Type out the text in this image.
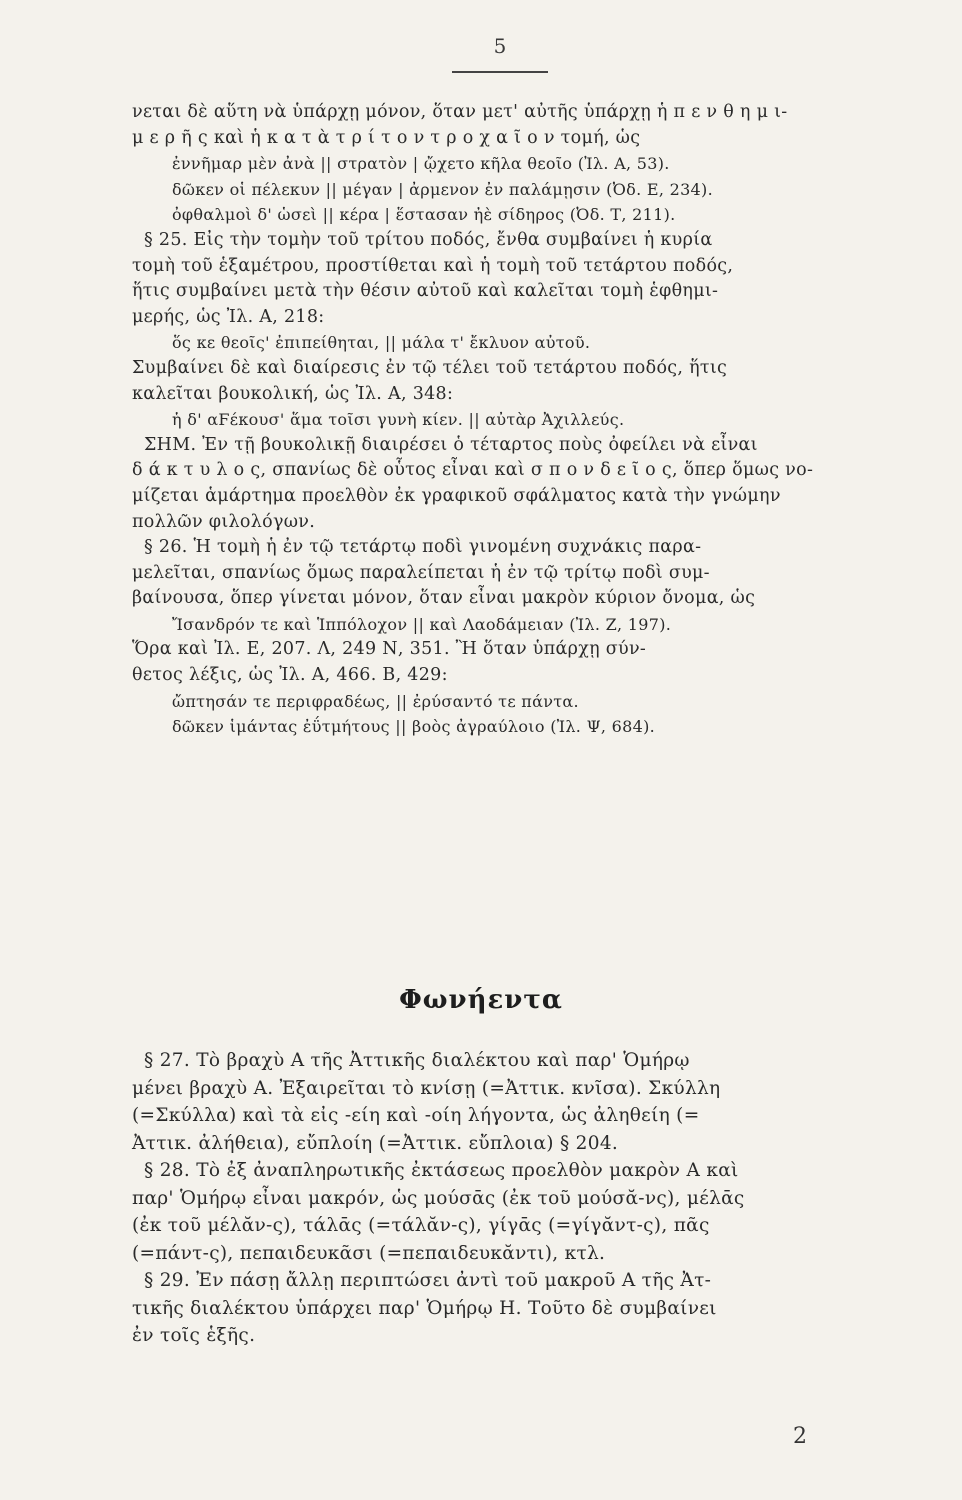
5
νεται δὲ αὕτη νὰ ὑπάρχῃ μόνον, ὅταν μετ' αὐτῆς ὑπάρχῃ ἡ π ε ν θ η μ ι-
μ ε ρ ῆ ς καὶ ἡ κ α τ ὰ τ ρ ί τ ο ν τ ρ ο χ α ῖ ο ν τομή, ὡς
ἐννῆμαρ μὲν ἀνὰ || στρατὸν | ᾤχετο κῆλα θεοῖο (Ἰλ. Α, 53).
δῶκεν οἱ πέλεκυν || μέγαν | ἀρμενον ἐν παλάμῃσιν (Ὀδ. Ε, 234).
ὀφθαλμοὶ δ' ὡσεὶ || κέρα | ἕστασαν ἠὲ σίδηρος (Ὀδ. Τ, 211).
§ 25. Εἰς τὴν τομὴν τοῦ τρίτου ποδός, ἔνθα συμβαίνει ἡ κυρία
τομὴ τοῦ ἑξαμέτρου, προστίθεται καὶ ἡ τομὴ τοῦ τετάρτου ποδός,
ἥτις συμβαίνει μετὰ τὴν θέσιν αὐτοῦ καὶ καλεῖται τομὴ ἑφθημι-
μερής, ὡς Ἰλ. Α, 218:
ὅς κε θεοῖς' ἐπιπείθηται, || μάλα τ' ἔκλυον αὐτοῦ.
Συμβαίνει δὲ καὶ διαίρεσις ἐν τῷ τέλει τοῦ τετάρτου ποδός, ἥτις
καλεῖται βουκολική, ὡς Ἰλ. Α, 348:
ἡ δ' αϜέκουσ' ἅμα τοῖσι γυνὴ κίεν. || αὐτὰρ Ἀχιλλεύς.
ΣΗΜ. Ἐν τῇ βουκολικῇ διαιρέσει ὁ τέταρτος ποὺς ὀφείλει νὰ εἶναι
δ ά κ τ υ λ ο ς, σπανίως δὲ οὗτος εἶναι καὶ σ π ο ν δ ε ῖ ο ς, ὅπερ ὅμως νο-
μίζεται ἁμάρτημα προελθὸν ἐκ γραφικοῦ σφάλματος κατὰ τὴν γνώμην
πολλῶν φιλολόγων.
§ 26. Ἡ τομὴ ἡ ἐν τῷ τετάρτῳ ποδὶ γινομένη συχνάκις παρα-
μελεῖται, σπανίως ὅμως παραλείπεται ἡ ἐν τῷ τρίτῳ ποδὶ συμ-
βαίνουσα, ὅπερ γίνεται μόνον, ὅταν εἶναι μακρὸν κύριον ὄνομα, ὡς
Ἴσανδρόν τε καὶ Ἱππόλοχον || καὶ Λαοδάμειαν (Ἰλ. Ζ, 197).
Ὅρα καὶ Ἰλ. Ε, 207. Λ, 249 Ν, 351. Ἢ ὅταν ὑπάρχῃ σύν-
θετος λέξις, ὡς Ἰλ. Α, 466. Β, 429:
ὤπτησάν τε περιφραδέως, || ἐρύσαντό τε πάντα.
δῶκεν ἱμάντας ἐΰτμήτους || βοὸς ἀγραύλοιο (Ἰλ. Ψ, 684).
Φωνήεντα
§ 27. Τὸ βραχὺ Α τῆς Ἀττικῆς διαλέκτου καὶ παρ' Ὁμήρῳ
μένει βραχὺ Α. Ἐξαιρεῖται τὸ κνίσῃ (=Ἀττικ. κνῖσα). Σκύλλη
(=Σκύλλα) καὶ τὰ εἰς -είη καὶ -οίη λήγοντα, ὡς ἀληθείη (=
Ἀττικ. ἀλήθεια), εὔπλοίη (=Ἀττικ. εὔπλοια) § 204.
§ 28. Τὸ ἐξ ἀναπληρωτικῆς ἐκτάσεως προελθὸν μακρὸν Α καὶ
παρ' Ὁμήρῳ εἶναι μακρόν, ὡς μούσᾱς (ἐκ τοῦ μούσᾰ-νς), μέλᾱς
(ἐκ τοῦ μέλᾰν-ς), τάλᾱς (=τάλᾰν-ς), γίγᾱς (=γίγᾰντ-ς), πᾶς
(=πάντ-ς), πεπαιδευκᾶσι (=πεπαιδευκᾰντι), κτλ.
§ 29. Ἐν πάσῃ ἄλλῃ περιπτώσει ἀντὶ τοῦ μακροῦ Α τῆς Ἀτ-
τικῆς διαλέκτου ὑπάρχει παρ' Ὁμήρῳ Η. Τοῦτο δὲ συμβαίνει
ἐν τοῖς ἑξῆς.
2
